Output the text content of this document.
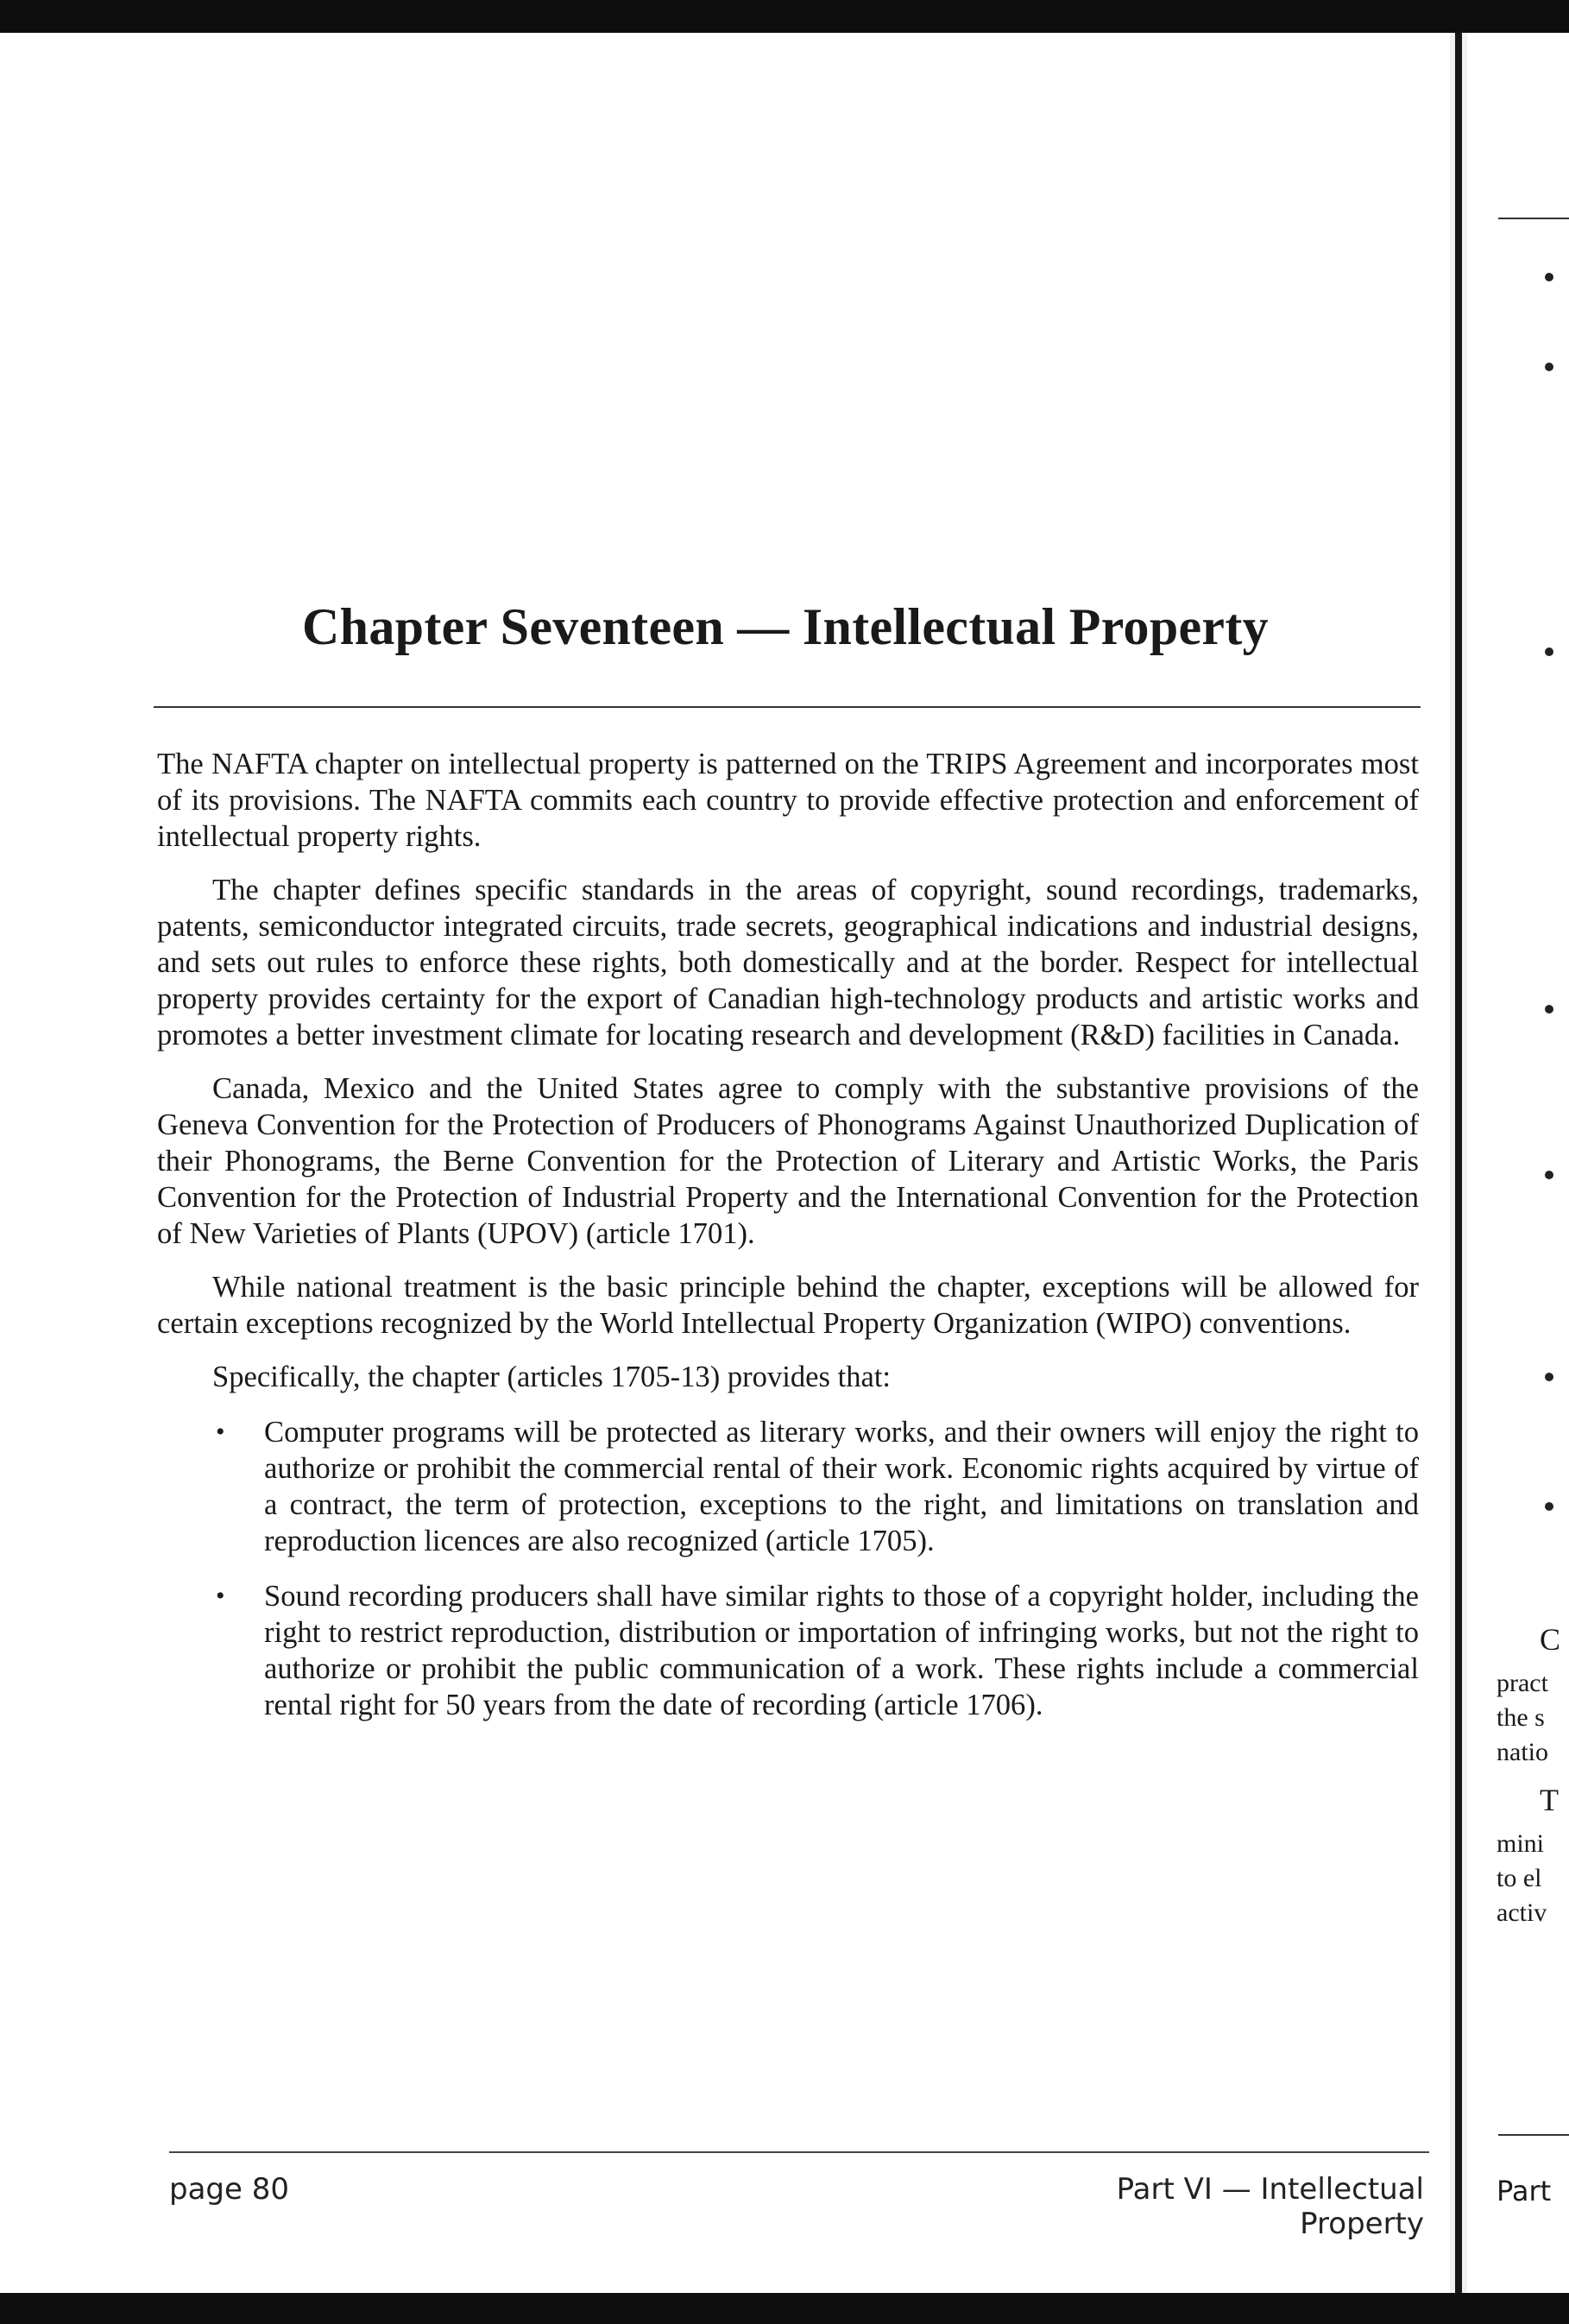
Chapter Seventeen — Intellectual Property

The NAFTA chapter on intellectual property is patterned on the TRIPS Agreement and incorporates most of its provisions. The NAFTA commits each country to provide effective protection and enforcement of intellectual property rights.

The chapter defines specific standards in the areas of copyright, sound recordings, trademarks, patents, semiconductor integrated circuits, trade secrets, geographical indications and industrial designs, and sets out rules to enforce these rights, both domestically and at the border. Respect for intellectual property provides certainty for the export of Canadian high-technology products and artistic works and promotes a better investment climate for locating research and development (R&D) facilities in Canada.

Canada, Mexico and the United States agree to comply with the substantive provisions of the Geneva Convention for the Protection of Producers of Phonograms Against Unauthorized Duplication of their Phonograms, the Berne Convention for the Protection of Literary and Artistic Works, the Paris Convention for the Protection of Industrial Property and the International Convention for the Protection of New Varieties of Plants (UPOV) (article 1701).

While national treatment is the basic principle behind the chapter, exceptions will be allowed for certain exceptions recognized by the World Intellectual Property Organization (WIPO) conventions.

Specifically, the chapter (articles 1705-13) provides that:

• Computer programs will be protected as literary works, and their owners will enjoy the right to authorize or prohibit the commercial rental of their work. Economic rights acquired by virtue of a contract, the term of protection, exceptions to the right, and limitations on translation and reproduction licences are also recognized (article 1705).
• Sound recording producers shall have similar rights to those of a copyright holder, including the right to restrict reproduction, distribution or importation of infringing works, but not the right to authorize or prohibit the public communication of a work. These rights include a commercial rental right for 50 years from the date of recording (article 1706).
page 80	Part VI — Intellectual Property
C
pract
the s
natio
T
mini
to el
activ
Part
